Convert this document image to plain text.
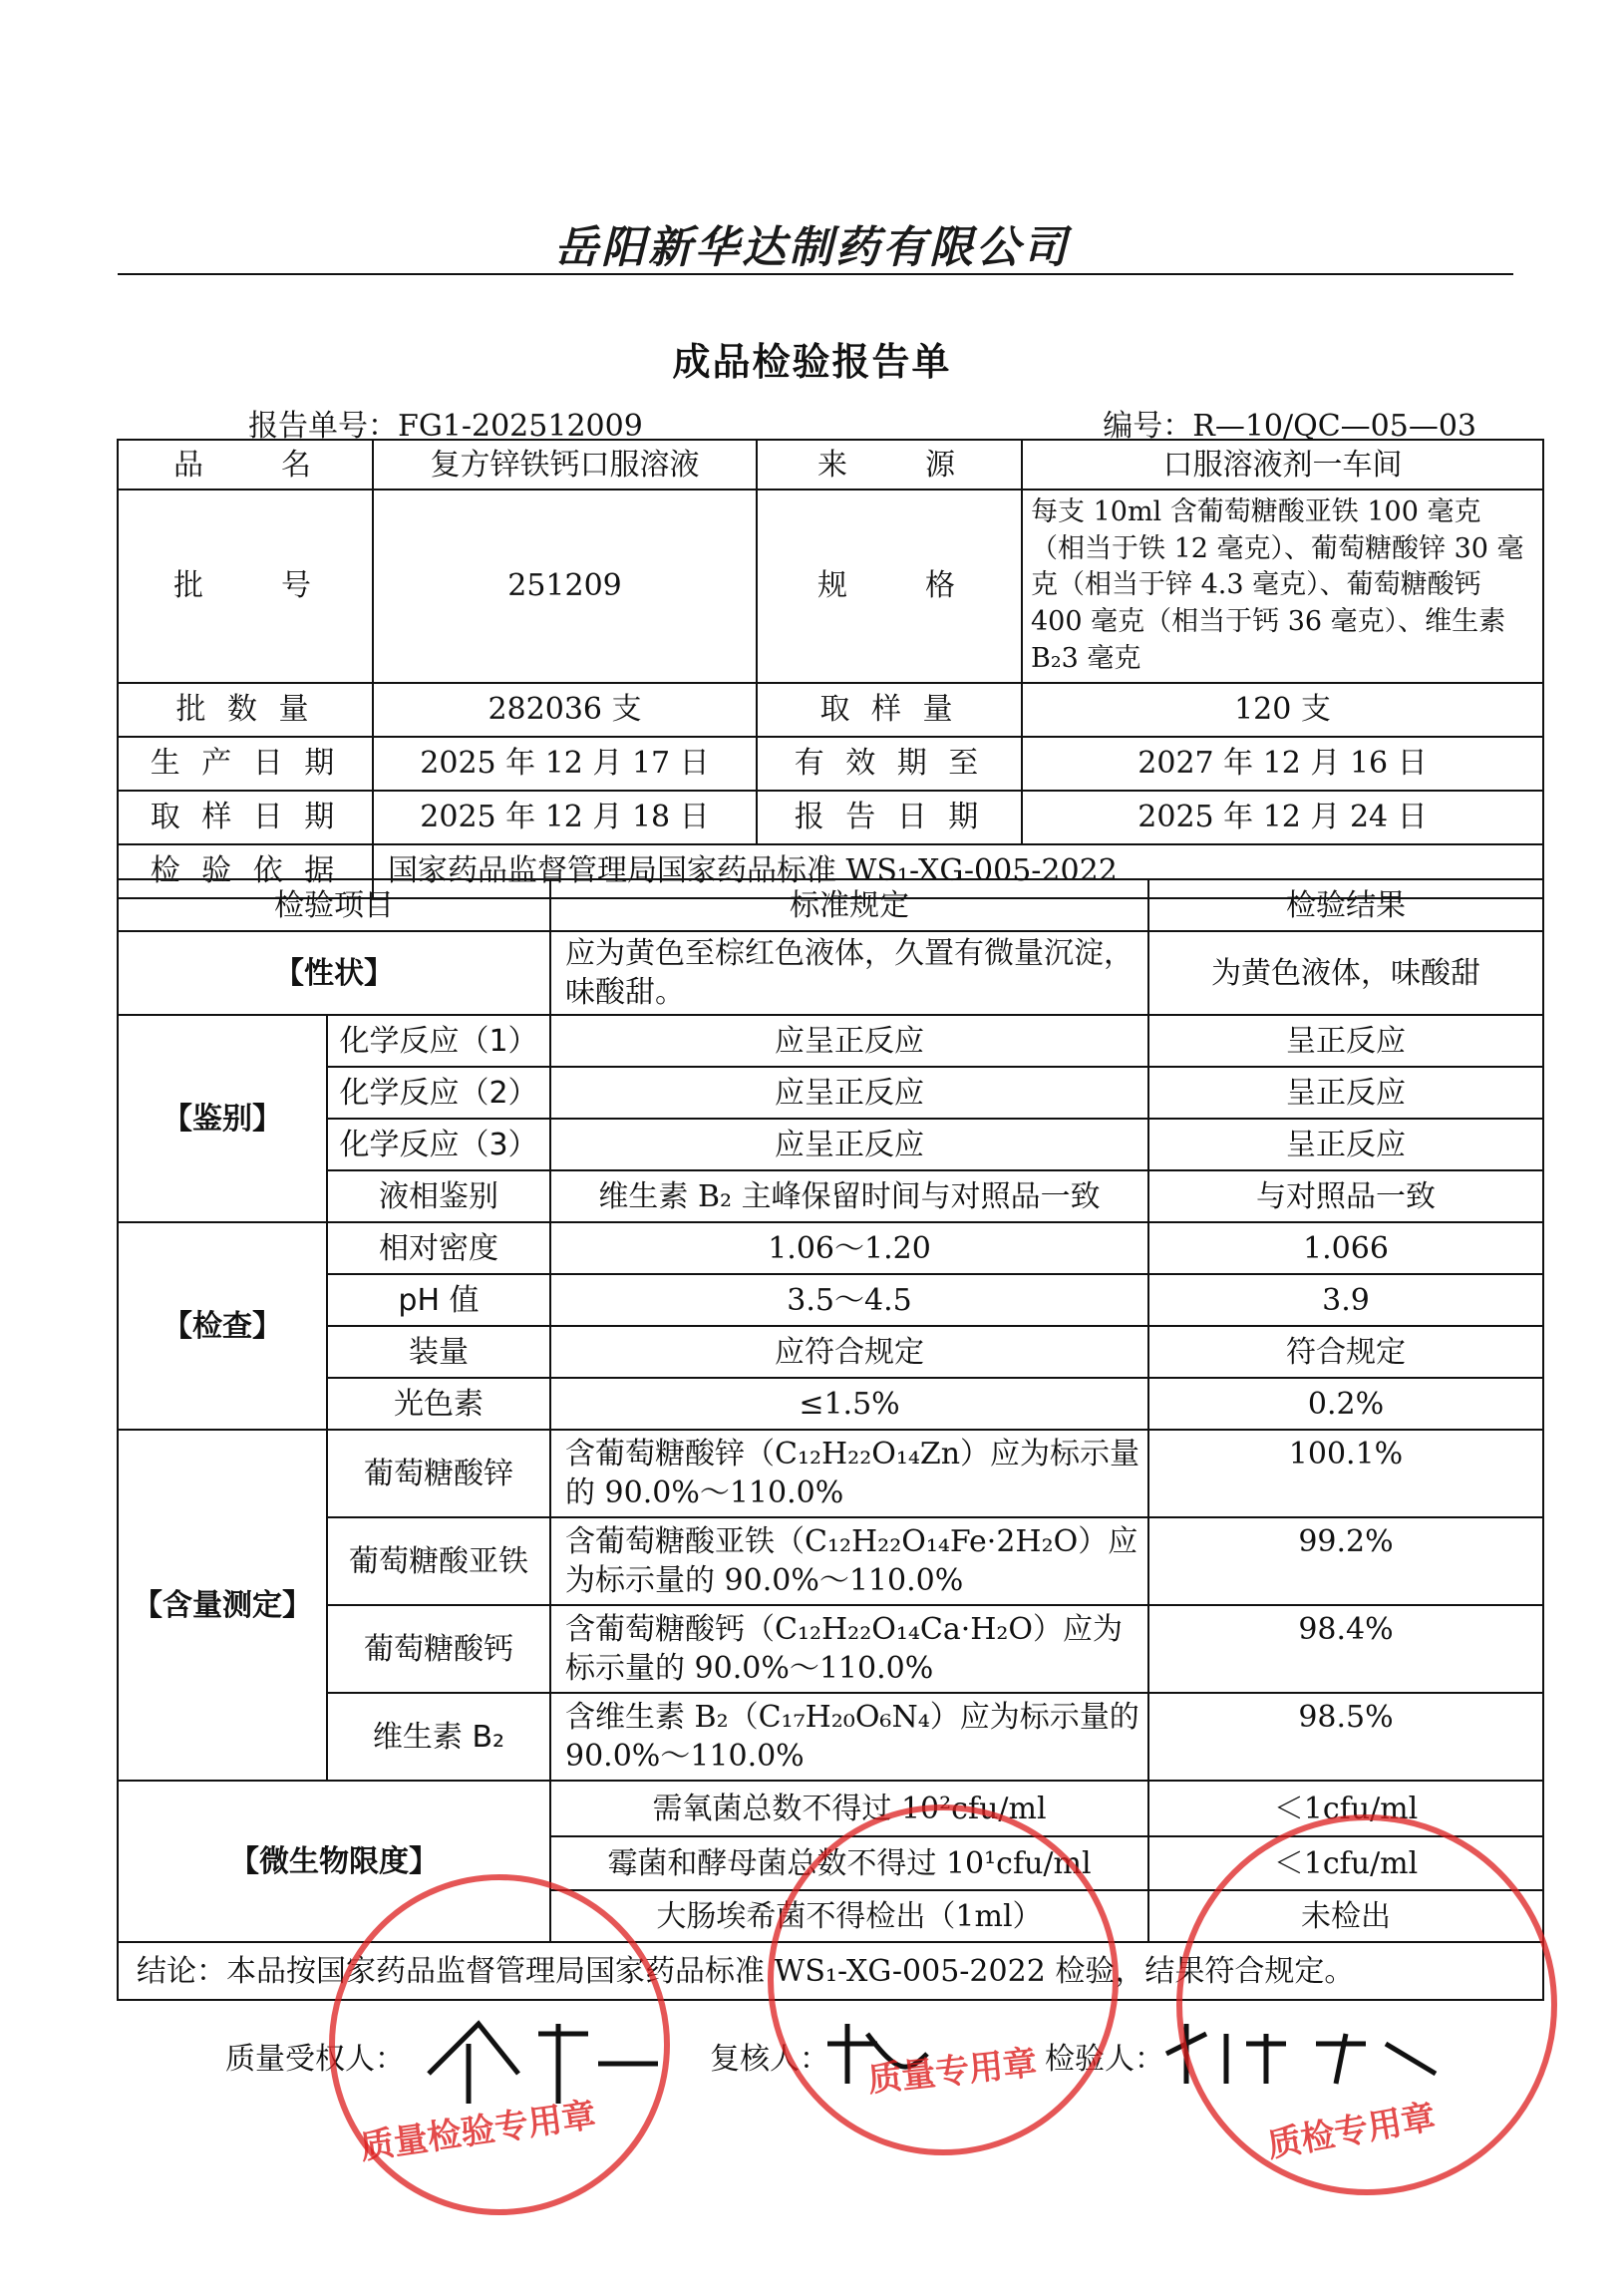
岳阳新华达制药有限公司
成品检验报告单
报告单号：FG1-202512009	编号：R—10/QC—05—03
品　　名	复方锌铁钙口服溶液	来　　源	口服溶液剂一车间
批　　号	251209	规　　格	每支 10ml 含葡萄糖酸亚铁 100 毫克（相当于铁 12 毫克）、葡萄糖酸锌 30 毫克（相当于锌 4.3 毫克）、葡萄糖酸钙 400 毫克（相当于钙 36 毫克）、维生素 B₂3 毫克
批 数 量	282036 支	取 样 量	120 支
生 产 日 期	2025 年 12 月 17 日	有 效 期 至	2027 年 12 月 16 日
取 样 日 期	2025 年 12 月 18 日	报 告 日 期	2025 年 12 月 24 日
检 验 依 据	国家药品监督管理局国家药品标准 WS₁-XG-005-2022		
检验项目		标准规定	检验结果
【性状】		应为黄色至棕红色液体，久置有微量沉淀，味酸甜。	为黄色液体，味酸甜
【鉴别】	化学反应（1）	应呈正反应	呈正反应
	化学反应（2）	应呈正反应	呈正反应
	化学反应（3）	应呈正反应	呈正反应
	液相鉴别	维生素 B₂ 主峰保留时间与对照品一致	与对照品一致
【检查】	相对密度	1.06～1.20	1.066
	pH 值	3.5～4.5	3.9
	装量	应符合规定	符合规定
	光色素	≤1.5%	0.2%
【含量测定】	葡萄糖酸锌	含葡萄糖酸锌（C₁₂H₂₂O₁₄Zn）应为标示量的 90.0%～110.0%	100.1%
	葡萄糖酸亚铁	含葡萄糖酸亚铁（C₁₂H₂₂O₁₄Fe·2H₂O）应为标示量的 90.0%～110.0%	99.2%
	葡萄糖酸钙	含葡萄糖酸钙（C₁₂H₂₂O₁₄Ca·H₂O）应为标示量的 90.0%～110.0%	98.4%
	维生素 B₂	含维生素 B₂（C₁₇H₂₀O₆N₄）应为标示量的 90.0%～110.0%	98.5%
【微生物限度】		需氧菌总数不得过 10²cfu/ml	＜1cfu/ml
		霉菌和酵母菌总数不得过 10¹cfu/ml	＜1cfu/ml
		大肠埃希菌不得检出（1ml）	未检出
结论：本品按国家药品监督管理局国家药品标准 WS₁-XG-005-2022 检验，结果符合规定。			
质量受权人：	复核人：	检验人：
质量检验专用章
质量专用章
质检专用章
